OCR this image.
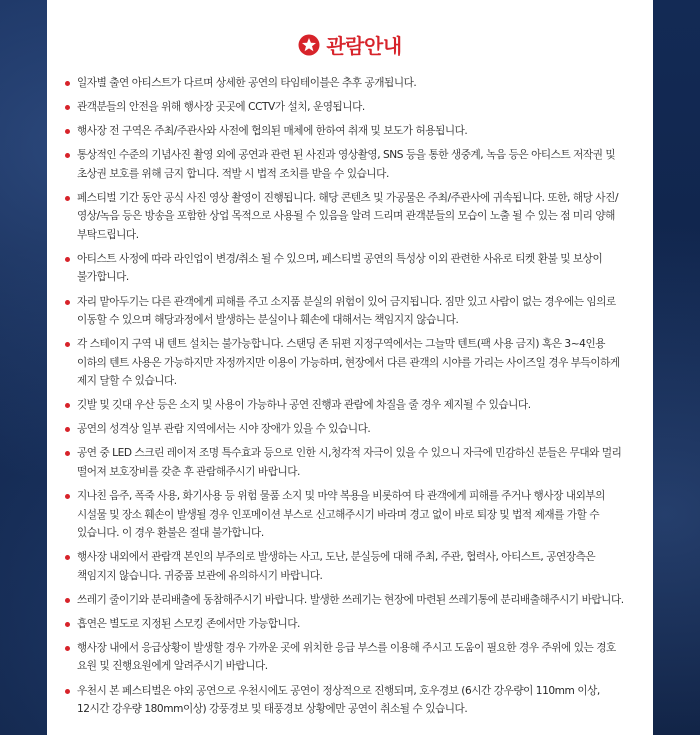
관람안내
일자별 출연 아티스트가 다르며 상세한 공연의 타임테이블은 추후 공개됩니다.
관객분들의 안전을 위해 행사장 곳곳에 CCTV가 설치, 운영됩니다.
행사장 전 구역은 주최/주관사와 사전에 협의된 매체에 한하여 취재 및 보도가 허용됩니다.
통상적인 수준의 기념사진 촬영 외에 공연과 관련 된 사진과 영상촬영, SNS 등을 통한 생중계, 녹음 등은 아티스트 저작권 및 초상권 보호를 위해 금지 합니다. 적발 시 법적 조치를 받을 수 있습니다.
페스티벌 기간 동안 공식 사진 영상 촬영이 진행됩니다. 해당 콘텐츠 및 가공물은 주최/주관사에 귀속됩니다. 또한, 해당 사진/영상/녹음 등은 방송을 포함한 상업 목적으로 사용될 수 있음을 알려 드리며 관객분들의 모습이 노출 될 수 있는 점 미리 양해 부탁드립니다.
아티스트 사정에 따라 라인업이 변경/취소 될 수 있으며, 페스티벌 공연의 특성상 이외 관련한 사유로 티켓 환불 및 보상이 불가합니다.
자리 맡아두기는 다른 관객에게 피해를 주고 소지품 분실의 위험이 있어 금지됩니다. 짐만 있고 사람이 없는 경우에는 임의로 이동할 수 있으며 해당과정에서 발생하는 분실이나 훼손에 대해서는 책임지지 않습니다.
각 스테이지 구역 내 텐트 설치는 불가능합니다. 스탠딩 존 뒤편 지정구역에서는 그늘막 텐트(팩 사용 금지) 혹은 3~4인용 이하의 텐트 사용은 가능하지만 자정까지만 이용이 가능하며, 현장에서 다른 관객의 시야를 가리는 사이즈일 경우 부득이하게 제지 달할 수 있습니다.
깃발 및 깃대 우산 등은 소지 및 사용이 가능하나 공연 진행과 관람에 차질을 줄 경우 제지될 수 있습니다.
공연의 성격상 일부 관람 지역에서는 시야 장애가 있을 수 있습니다.
공연 중 LED 스크린 레이저 조명 특수효과 등으로 인한 시,청각적 자극이 있을 수 있으니 자극에 민감하신 분들은 무대와 멀리 떨어져 보호장비를 갖춘 후 관람해주시기 바랍니다.
지나친 음주, 폭죽 사용, 화기사용 등 위험 물품 소지 및 마약 복용을 비롯하여 타 관객에게 피해를 주거나 행사장 내외부의 시설물 및 장소 훼손이 발생될 경우 인포메이션 부스로 신고해주시기 바라며 경고 없이 바로 퇴장 및 법적 제재를 가할 수 있습니다. 이 경우 환불은 절대 불가합니다.
행사장 내외에서 관람객 본인의 부주의로 발생하는 사고, 도난, 분실등에 대해 주최, 주관, 협력사, 아티스트, 공연장측은 책임지지 않습니다. 귀중품 보관에 유의하시기 바랍니다.
쓰레기 줄이기와 분리배출에 동참해주시기 바랍니다. 발생한 쓰레기는 현장에 마련된 쓰레기통에 분리배출해주시기 바랍니다.
흡연은 별도로 지정된 스모킹 존에서만 가능합니다.
행사장 내에서 응급상황이 발생할 경우 가까운 곳에 위치한 응급 부스를 이용해 주시고 도움이 필요한 경우 주위에 있는 경호 요원 및 진행요원에게 알려주시기 바랍니다.
우천시 본 페스티벌은 야외 공연으로 우천시에도 공연이 정상적으로 진행되며, 호우경보 (6시간 강우량이 110mm 이상, 12시간 강우량 180mm이상) 강풍경보 및 태풍경보 상황에만 공연이 취소될 수 있습니다.
